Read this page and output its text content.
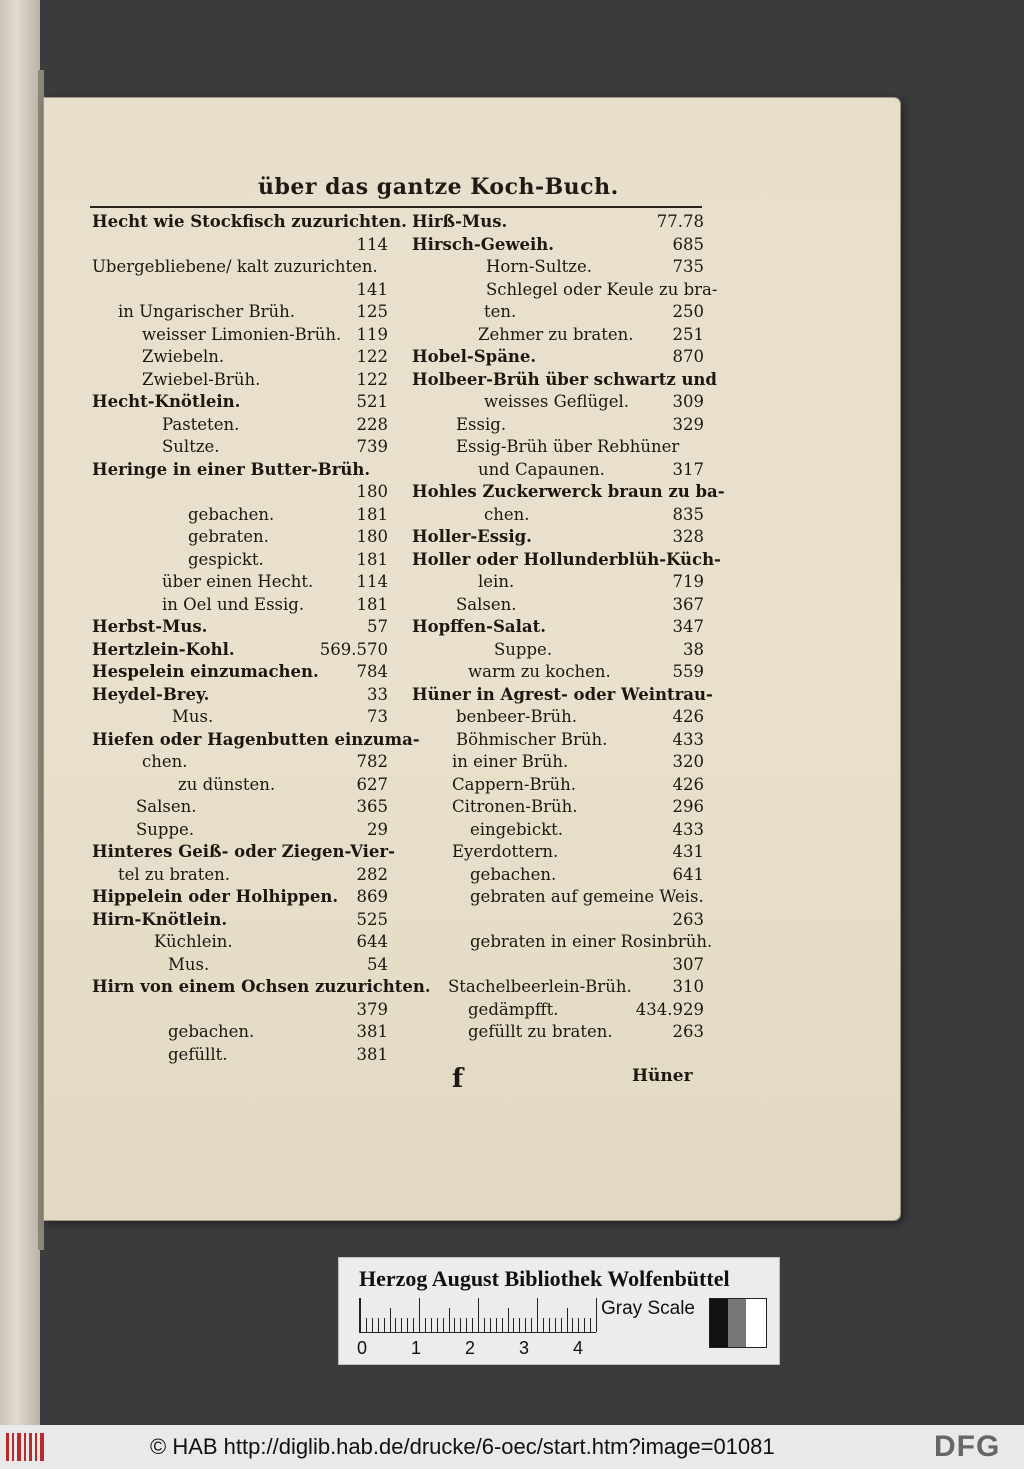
über das gantze Koch-Buch.
Hecht wie Stockfisch zuzurichten.
114
Ubergebliebene/ kalt zuzurichten.
141
in Ungarischer Brüh.	125
weisser Limonien-Brüh. 119
Zwiebeln.	122
Zwiebel-Brüh.	122
Hecht-Knötlein.	521
Pasteten.	228
Sultze.	739
Heringe in einer Butter-Brüh.
180
gebachen.	181
gebraten.	180
gespickt.	181
über einen Hecht.	114
in Oel und Essig.	181
Herbst-Mus.	57
Hertzlein-Kohl.	569.570
Hespelein einzumachen.	784
Heydel-Brey.	33
Mus.	73
Hiefen oder Hagenbutten einzuma-
chen.	782
zu dünsten.	627
Salsen.	365
Suppe.	29
Hinteres Geiß- oder Ziegen-Vier-
tel zu braten.	282
Hippelein oder Holhippen.	869
Hirn-Knötlein.	525
Küchlein.	644
Mus.	54
Hirn von einem Ochsen zuzurichten.
379
gebachen.	381
gefüllt.	381
Hirß-Mus.	77.78
Hirsch-Geweih.	685
Horn-Sultze.	735
Schlegel oder Keule zu bra-
ten.	250
Zehmer zu braten.	251
Hobel-Späne.	870
Holbeer-Brüh über schwartz und
weisses Geflügel.	309
Essig.	329
Essig-Brüh über Rebhüner
und Capaunen.	317
Hohles Zuckerwerck braun zu ba-
chen.	835
Holler-Essig.	328
Holler oder Hollunderblüh-Küch-
lein.	719
Salsen.	367
Hopffen-Salat.	347
Suppe.	38
warm zu kochen.	559
Hüner in Agrest- oder Weintrau-
benbeer-Brüh.	426
Böhmischer Brüh.	433
in einer Brüh.	320
Cappern-Brüh.	426
Citronen-Brüh.	296
eingebickt.	433
Eyerdottern.	431
gebachen.	641
gebraten auf gemeine Weis.
263
gebraten in einer Rosinbrüh.
307
Stachelbeerlein-Brüh.	310
gedämpfft.	434.929
gefüllt zu braten.	263
f	Hüner
Herzog August Bibliothek Wolfenbüttel
0 1 2 3 4
Gray Scale
© HAB http://diglib.hab.de/drucke/6-oec/start.htm?image=01081	DFG
